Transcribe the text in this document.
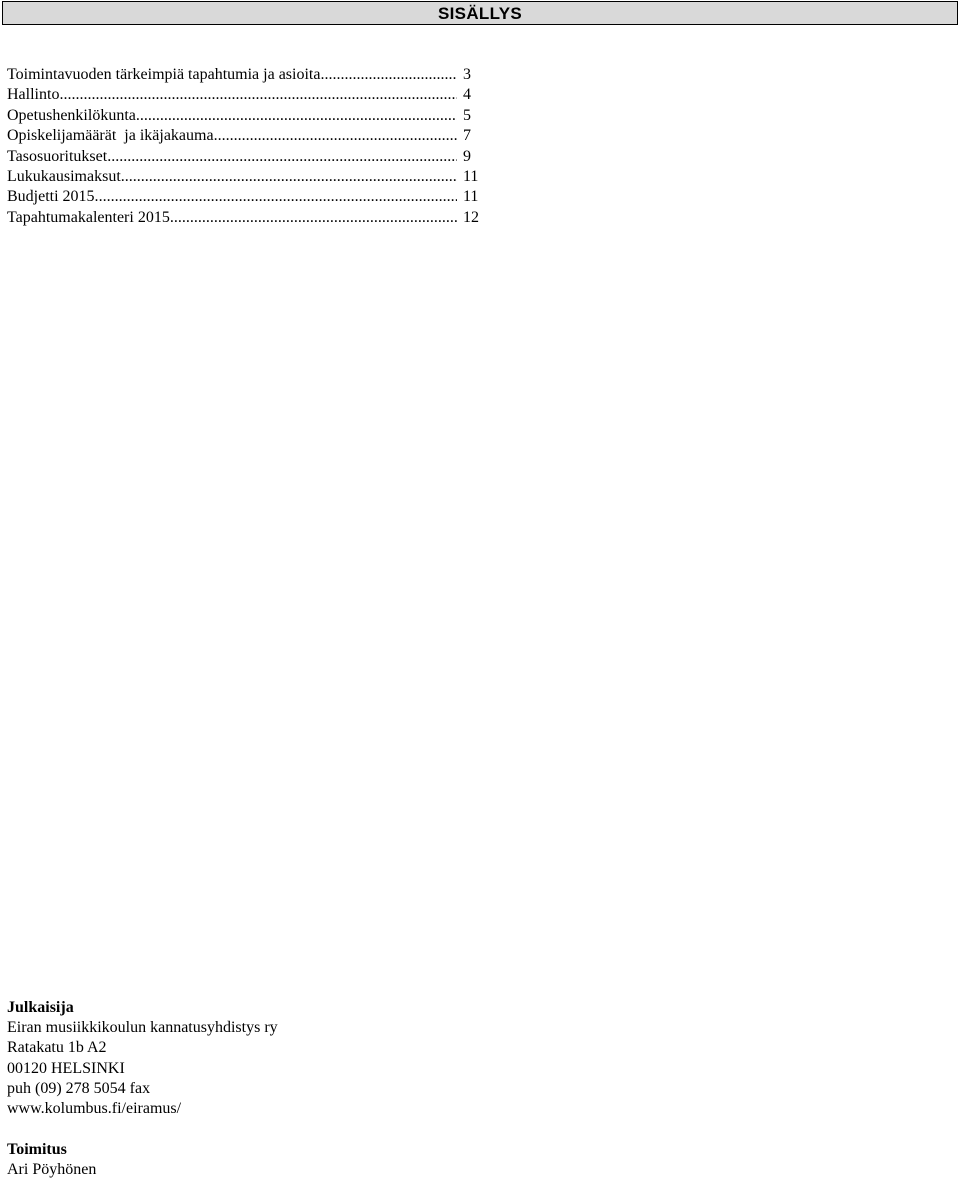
SISÄLLYS
Toimintavuoden tärkeimpiä tapahtumia ja asioita .....	3
Hallinto. .....	4
Opetushenkilökunta. .....	5
Opiskelijamäärät  ja ikäjakauma. .....	7
Tasosuoritukset. .....	9
Lukukausimaksut. .....	11
Budjetti 2015. .....	11
Tapahtumakalenteri 2015. .....	12
Julkaisija
Eiran musiikkikoulun kannatusyhdistys ry
Ratakatu 1b A2
00120 HELSINKI
puh (09) 278 5054 fax
www.kolumbus.fi/eiramus/
Toimitus
Ari Pöyhönen
